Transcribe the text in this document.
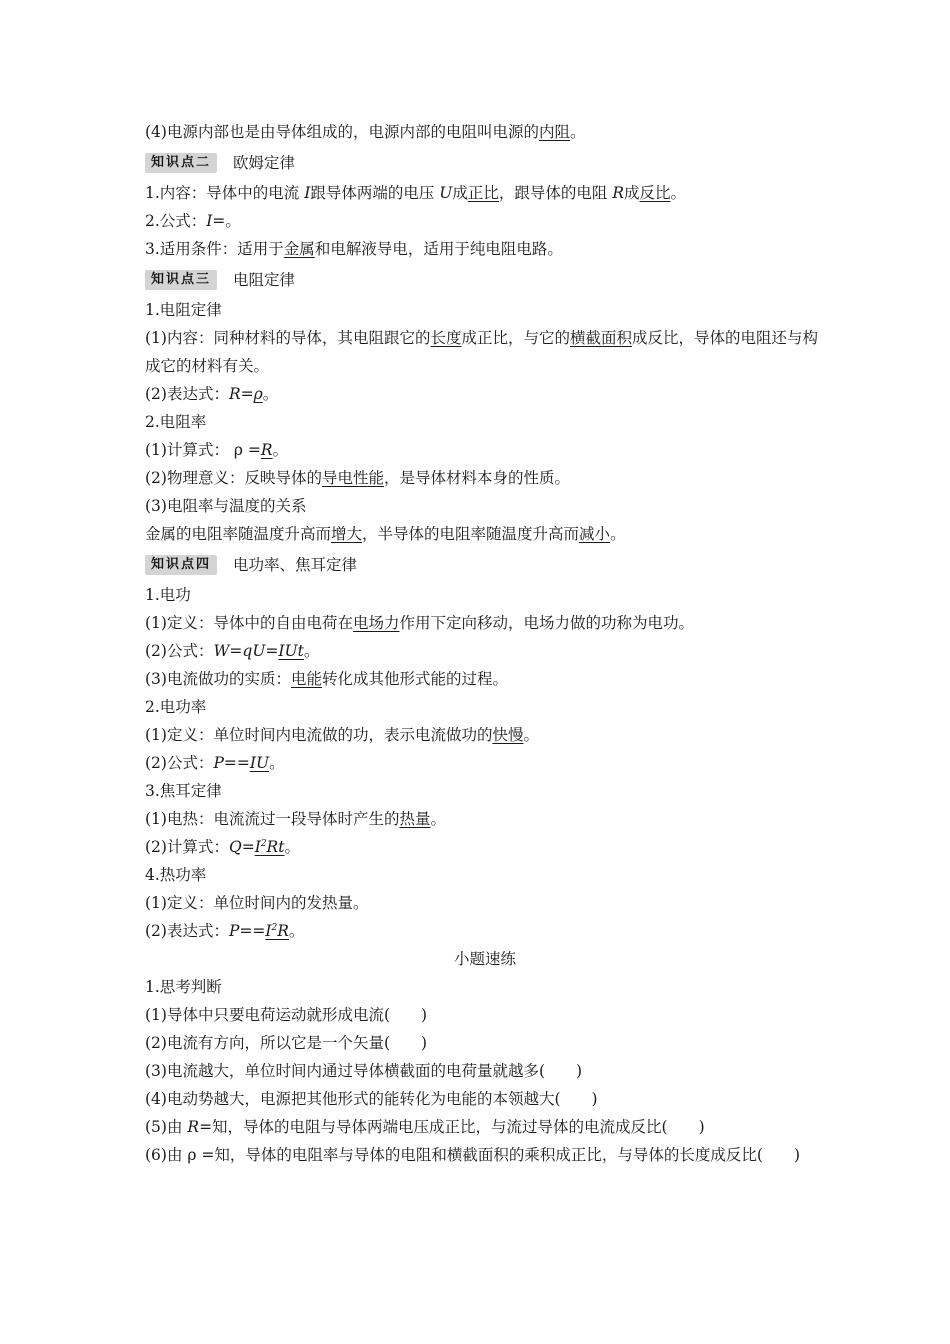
(4)电源内部也是由导体组成的，电源内部的电阻叫电源的内阻。
知识点二	欧姆定律
1.内容：导体中的电流 I跟导体两端的电压 U成正比，跟导体的电阻 R成反比。
2.公式：I=。
3.适用条件：适用于金属和电解液导电，适用于纯电阻电路。
知识点三	电阻定律
1.电阻定律
(1)内容：同种材料的导体，其电阻跟它的长度成正比，与它的横截面积成反比，导体的电阻还与构成它的材料有关。
(2)表达式：R=ρ。
2.电阻率
(1)计算式： ρ =R。
(2)物理意义：反映导体的导电性能，是导体材料本身的性质。
(3)电阻率与温度的关系
金属的电阻率随温度升高而增大，半导体的电阻率随温度升高而减小。
知识点四	电功率、焦耳定律
1.电功
(1)定义：导体中的自由电荷在电场力作用下定向移动，电场力做的功称为电功。
(2)公式：W=qU=IUt。
(3)电流做功的实质：电能转化成其他形式能的过程。
2.电功率
(1)定义：单位时间内电流做的功，表示电流做功的快慢。
(2)公式：P==IU。
3.焦耳定律
(1)电热：电流流过一段导体时产生的热量。
(2)计算式：$Q=I^2Rt$。
4.热功率
(1)定义：单位时间内的发热量。
(2)表达式：$P==I^2R$。
小题速练
1.思考判断
(1)导体中只要电荷运动就形成电流(　　)
(2)电流有方向，所以它是一个矢量(　　)
(3)电流越大，单位时间内通过导体横截面的电荷量就越多(　　)
(4)电动势越大，电源把其他形式的能转化为电能的本领越大(　　)
(5)由 R=知，导体的电阻与导体两端电压成正比，与流过导体的电流成反比(　　)
(6)由 ρ =知，导体的电阻率与导体的电阻和横截面积的乘积成正比，与导体的长度成反比(　　)
